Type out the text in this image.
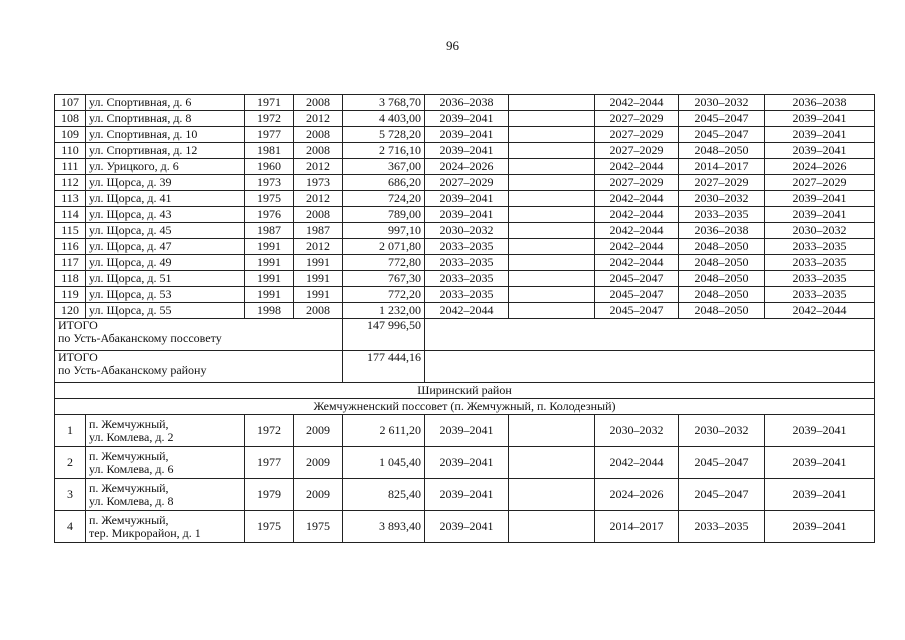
96
107	ул. Спортивная, д. 6	1971	2008	3 768,70	2036–2038		2042–2044	2030–2032	2036–2038
108	ул. Спортивная, д. 8	1972	2012	4 403,00	2039–2041		2027–2029	2045–2047	2039–2041
109	ул. Спортивная, д. 10	1977	2008	5 728,20	2039–2041		2027–2029	2045–2047	2039–2041
110	ул. Спортивная, д. 12	1981	2008	2 716,10	2039–2041		2027–2029	2048–2050	2039–2041
111	ул. Урицкого, д. 6	1960	2012	367,00	2024–2026		2042–2044	2014–2017	2024–2026
112	ул. Щорса, д. 39	1973	1973	686,20	2027–2029		2027–2029	2027–2029	2027–2029
113	ул. Щорса, д. 41	1975	2012	724,20	2039–2041		2042–2044	2030–2032	2039–2041
114	ул. Щорса, д. 43	1976	2008	789,00	2039–2041		2042–2044	2033–2035	2039–2041
115	ул. Щорса, д. 45	1987	1987	997,10	2030–2032		2042–2044	2036–2038	2030–2032
116	ул. Щорса, д. 47	1991	2012	2 071,80	2033–2035		2042–2044	2048–2050	2033–2035
117	ул. Щорса, д. 49	1991	1991	772,80	2033–2035		2042–2044	2048–2050	2033–2035
118	ул. Щорса, д. 51	1991	1991	767,30	2033–2035		2045–2047	2048–2050	2033–2035
119	ул. Щорса, д. 53	1991	1991	772,20	2033–2035		2045–2047	2048–2050	2033–2035
120	ул. Щорса, д. 55	1998	2008	1 232,00	2042–2044		2045–2047	2048–2050	2042–2044

ИТОГО
по Усть-Абаканскому поссовету				147 996,50					

ИТОГО
по Усть-Абаканскому району				177 444,16					
Ширинский район									
Жемчужненский поссовет (п. Жемчужный, п. Колодезный)									
1	п. Жемчужный,
ул. Комлева, д. 2	1972	2009	2 611,20	2039–2041		2030–2032	2030–2032	2039–2041
2	п. Жемчужный,
ул. Комлева, д. 6	1977	2009	1 045,40	2039–2041		2042–2044	2045–2047	2039–2041
3	п. Жемчужный,
ул. Комлева, д. 8	1979	2009	825,40	2039–2041		2024–2026	2045–2047	2039–2041
4	п. Жемчужный,
тер. Микрорайон, д. 1	1975	1975	3 893,40	2039–2041		2014–2017	2033–2035	2039–2041
